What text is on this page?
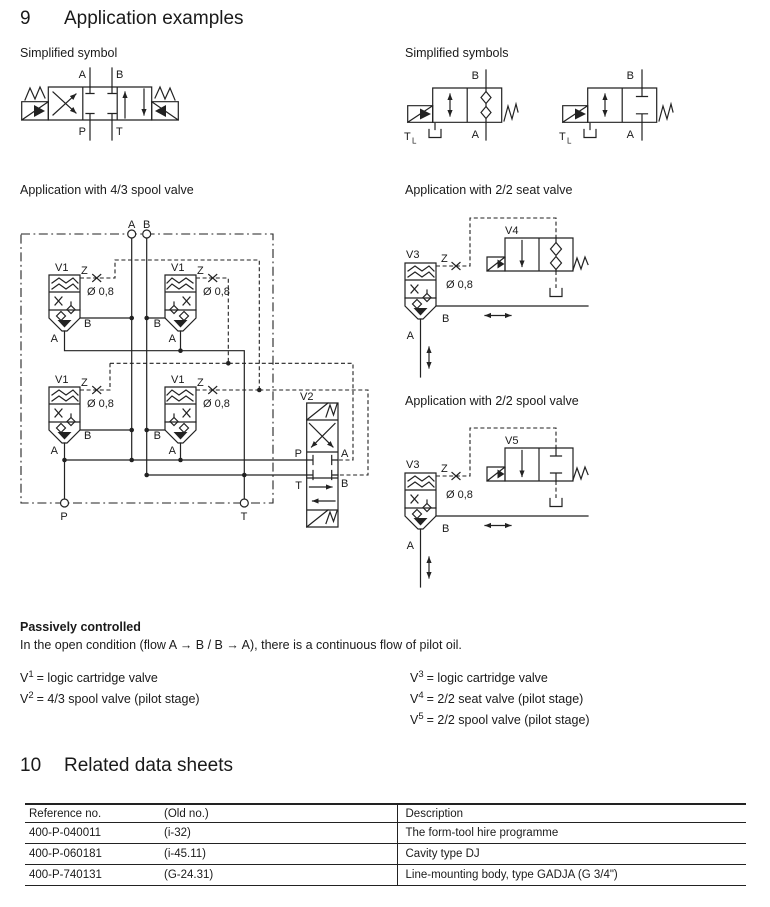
9 Application examples
Simplified symbol	Simplified symbols
Application with 4/3 spool valve	Application with 2/2 seat valve
Application with 2/2 spool valve
A	B
P	T
B
A
T L
B
A
T L
A B
P	T
V1	V1
V1	V1
Z	Z
Z	Z
Ø 0,8	Ø 0,8
Ø 0,8	Ø 0,8
B	B
B	B
A	A
A	A
V2
P	A
T	B
V3 Z
Ø 0,8
B
A
V4
V3 Z
Ø 0,8
B
A
V5
Passively controlled
In the open condition (flow A → B / B → A), there is a continuous flow of pilot oil.
$V^1$ = logic cartridge valve
$V^2 = 4/3$ spool valve (pilot stage)
$V^3$ = logic cartridge valve
$V^4 = 2/2$ seat valve (pilot stage)
$V^5 = 2/2$ spool valve (pilot stage)
10 Related data sheets
Reference no.	(Old no.)	Description
400-P-040011	(i-32)	The form-tool hire programme
400-P-060181	(i-45.11)	Cavity type DJ
400-P-740131	(G-24.31)	Line-mounting body, type GADJA (G 3/4")
